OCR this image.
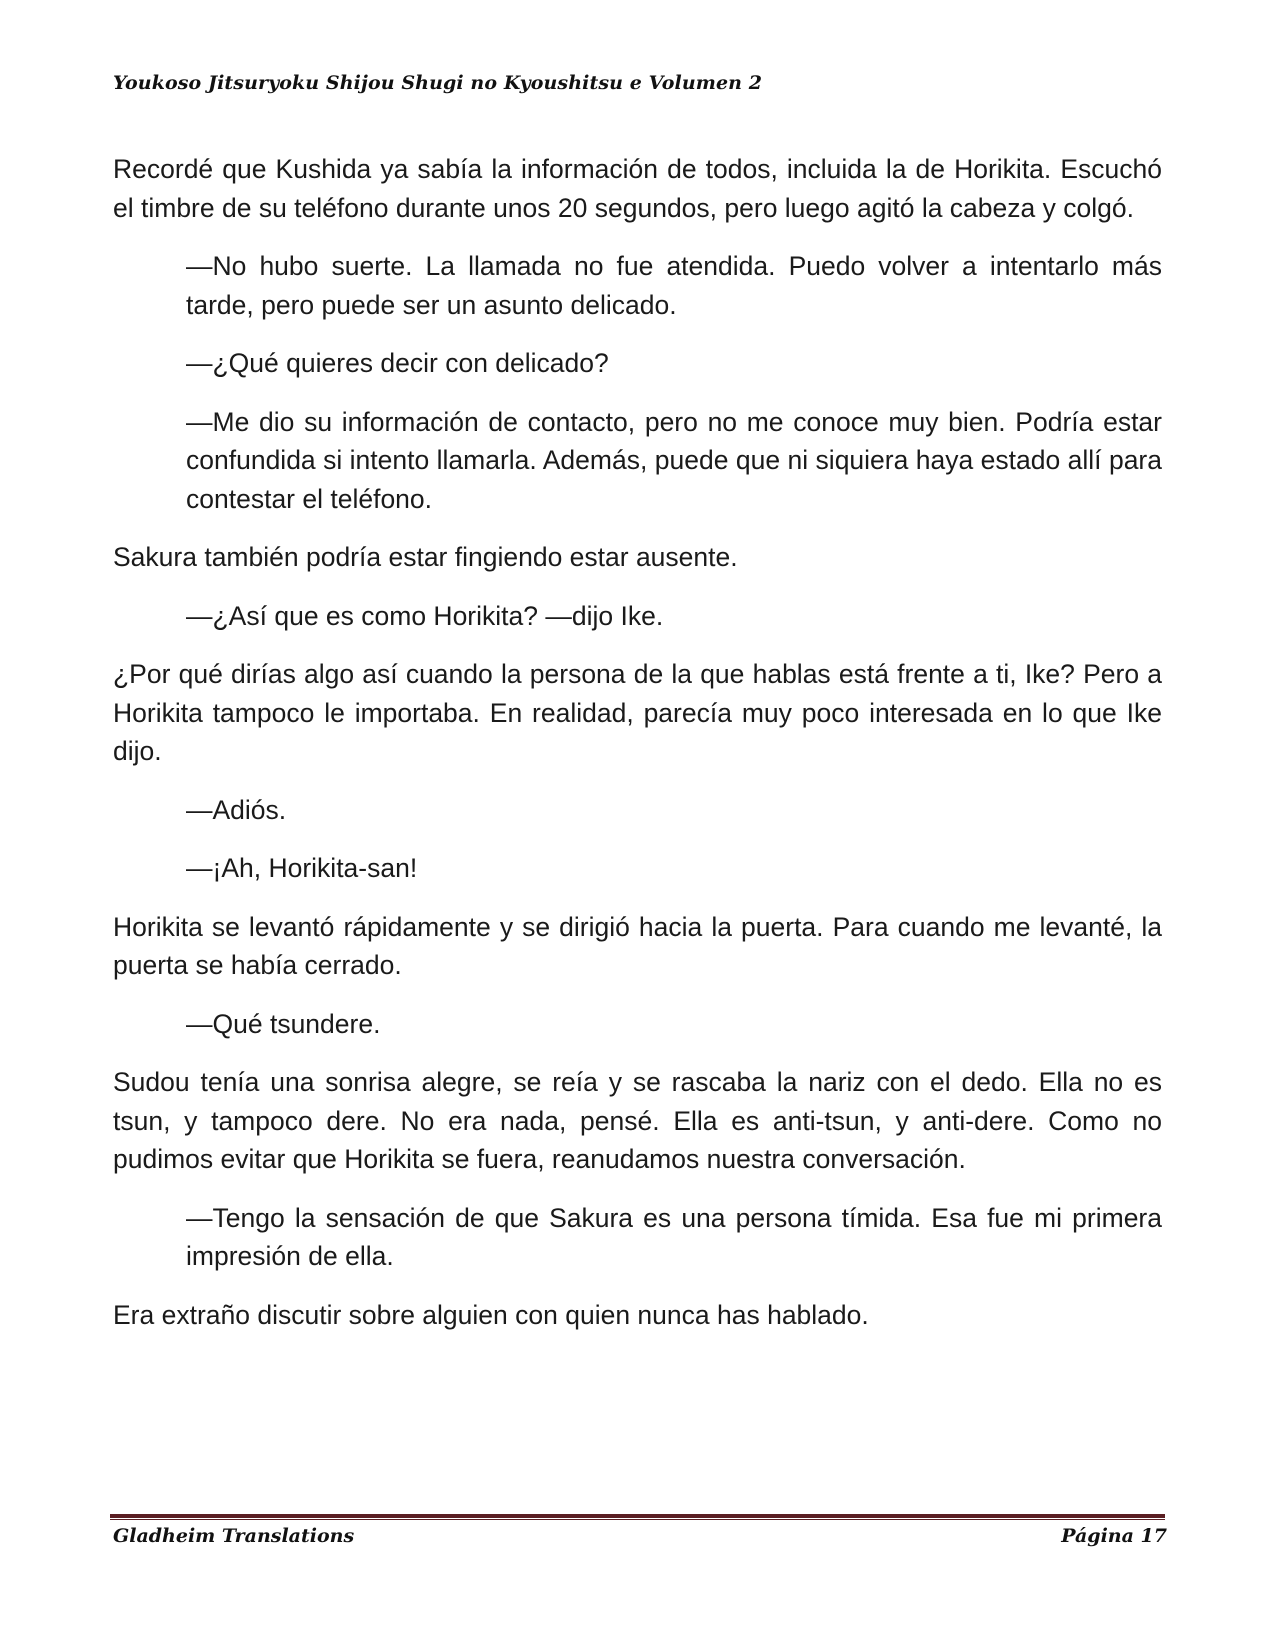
Youkoso Jitsuryoku Shijou Shugi no Kyoushitsu e Volumen 2

Recordé que Kushida ya sabía la información de todos, incluida la de Horikita. Escuchó el timbre de su teléfono durante unos 20 segundos, pero luego agitó la cabeza y colgó.

—No hubo suerte. La llamada no fue atendida. Puedo volver a intentarlo más tarde, pero puede ser un asunto delicado.

—¿Qué quieres decir con delicado?

—Me dio su información de contacto, pero no me conoce muy bien. Podría estar confundida si intento llamarla. Además, puede que ni siquiera haya estado allí para contestar el teléfono.

Sakura también podría estar fingiendo estar ausente.

—¿Así que es como Horikita? —dijo Ike.

¿Por qué dirías algo así cuando la persona de la que hablas está frente a ti, Ike? Pero a Horikita tampoco le importaba. En realidad, parecía muy poco interesada en lo que Ike dijo.

—Adiós.

—¡Ah, Horikita-san!

Horikita se levantó rápidamente y se dirigió hacia la puerta. Para cuando me levanté, la puerta se había cerrado.

—Qué tsundere.

Sudou tenía una sonrisa alegre, se reía y se rascaba la nariz con el dedo. Ella no es tsun, y tampoco dere. No era nada, pensé. Ella es anti-tsun, y anti-dere. Como no pudimos evitar que Horikita se fuera, reanudamos nuestra conversación.

—Tengo la sensación de que Sakura es una persona tímida. Esa fue mi primera impresión de ella.

Era extraño discutir sobre alguien con quien nunca has hablado.

Gladheim Translations	Página 17
